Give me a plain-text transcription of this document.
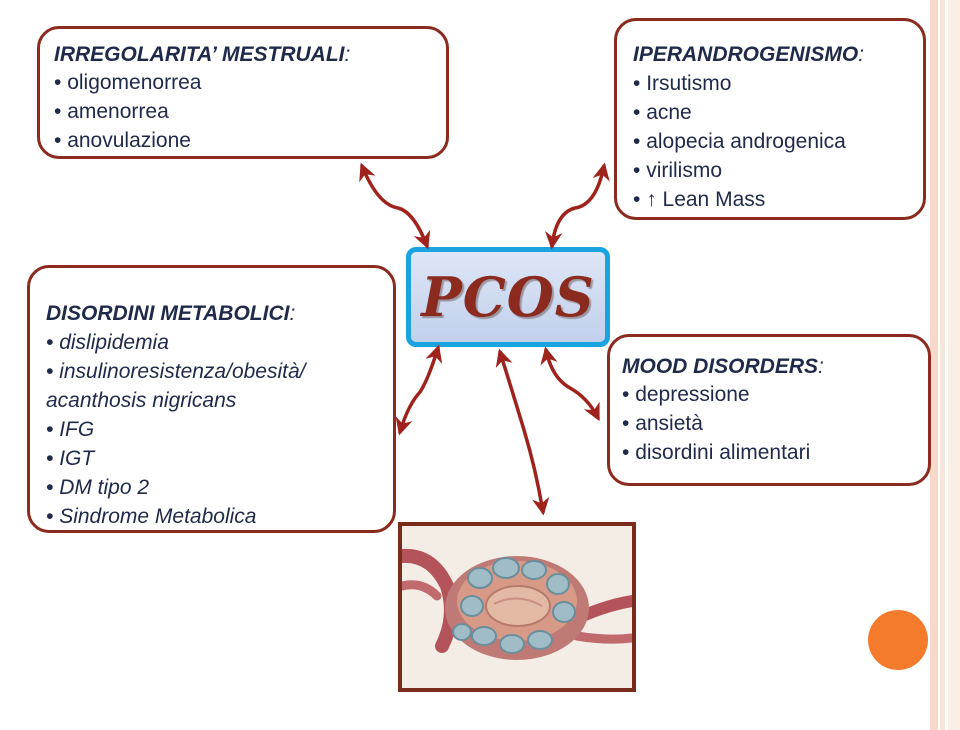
IRREGOLARITA’ MESTRUALI:
• oligomenorrea
• amenorrea
• anovulazione
IPERANDROGENISMO:
• Irsutismo
• acne
• alopecia androgenica
• virilismo
• ↑ Lean Mass
DISORDINI METABOLICI:
• dislipidemia
• insulinoresistenza/obesità/
acanthosis nigricans
• IFG
• IGT
• DM tipo 2
• Sindrome Metabolica
MOOD DISORDERS:
• depressione
• ansietà
• disordini alimentari
PCOS
